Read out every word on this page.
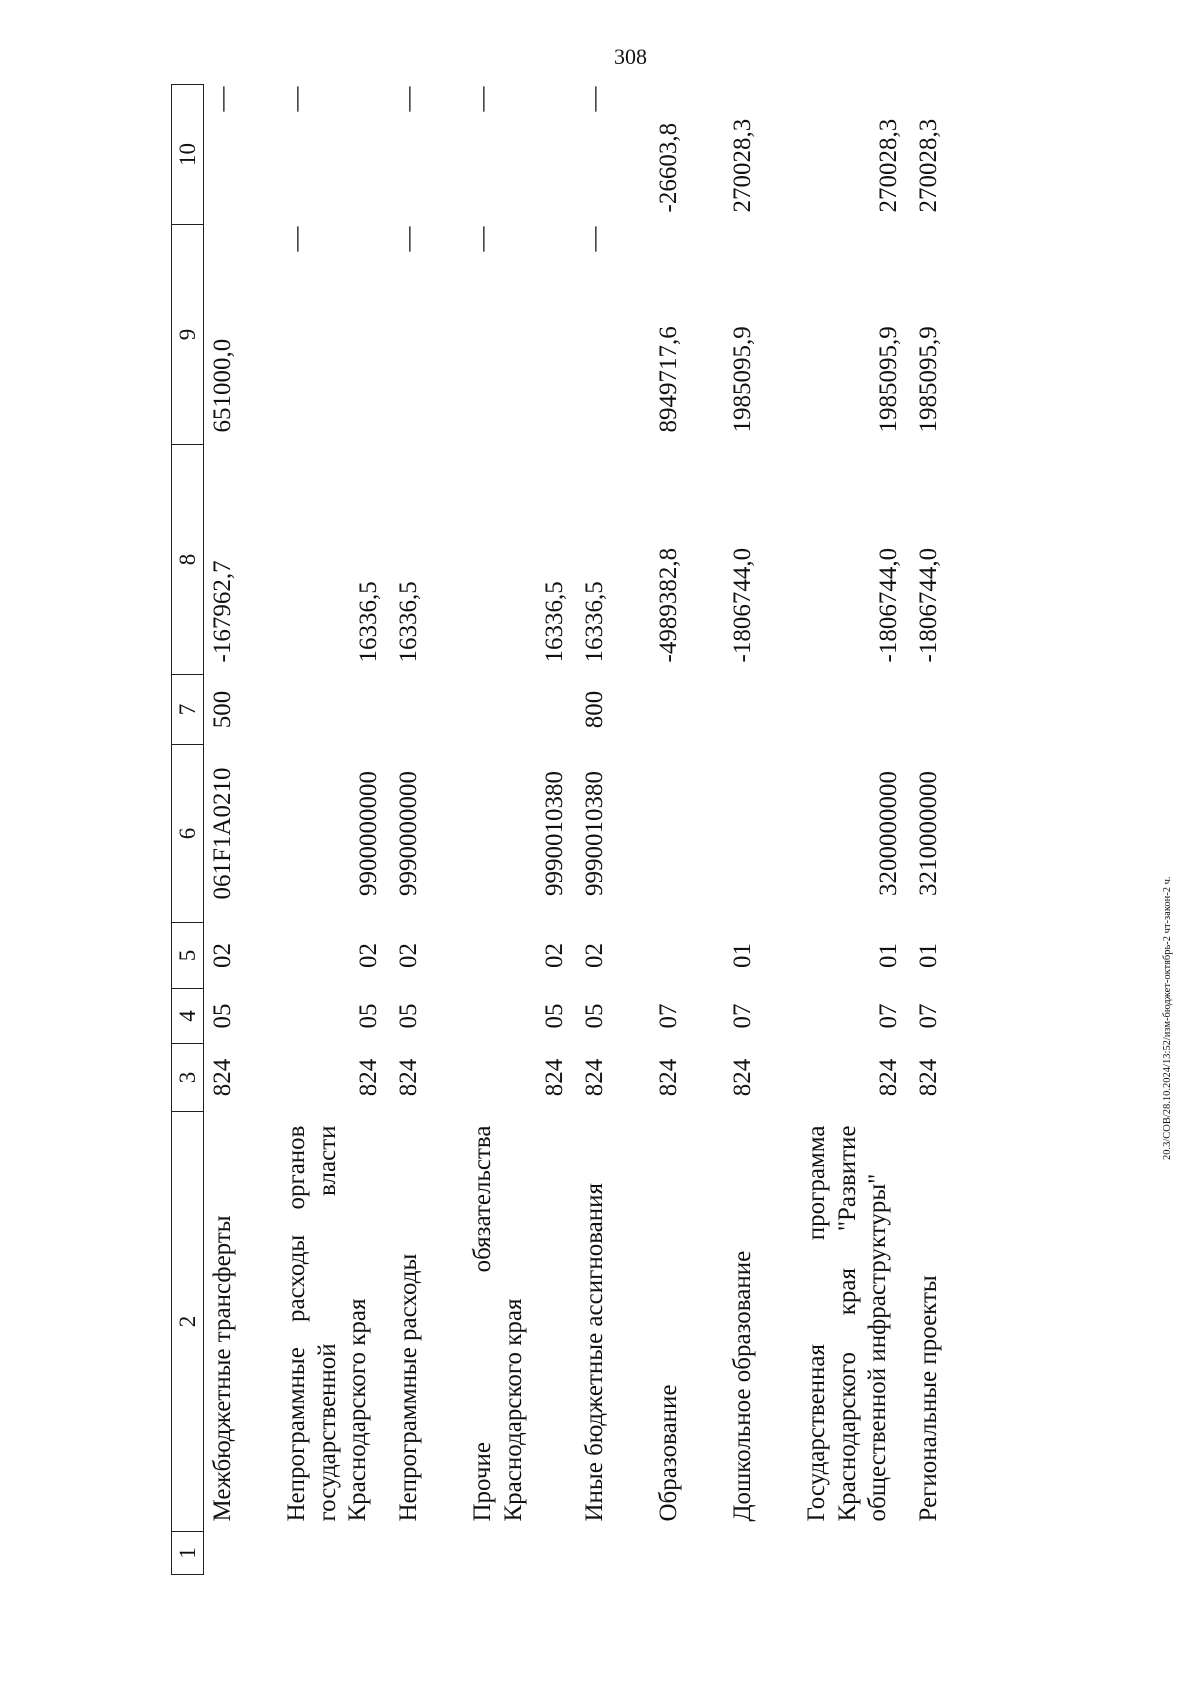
308
20.3/СОВ/28.10.2024/13:52/изм-бюджет-октябрь-2 чт-закон-2 ч.
1	2	3	4	5	6	7	8	9	10
	Межбюджетные трансферты	824	05	02	061F1A0210	500	-167962,7	651000,0	—
	Непрограммные расходы органов государственной власти Краснодарского края	824	05	02	9900000000		16336,5	—	—
	Непрограммные расходы	824	05	02	9990000000		16336,5	—	—
	Прочие обязательства Краснодарского края	824	05	02	9990010380		16336,5	—	—
	Иные бюджетные ассигнования	824	05	02	9990010380	800	16336,5	—	—
	Образование	824	07				-4989382,8	8949717,6	-26603,8
	Дошкольное образование	824	07	01			-1806744,0	1985095,9	270028,3
	Государственная программа Краснодарского края "Развитие общественной инфраструктуры"	824	07	01	3200000000		-1806744,0	1985095,9	270028,3
	Региональные проекты	824	07	01	3210000000		-1806744,0	1985095,9	270028,3
